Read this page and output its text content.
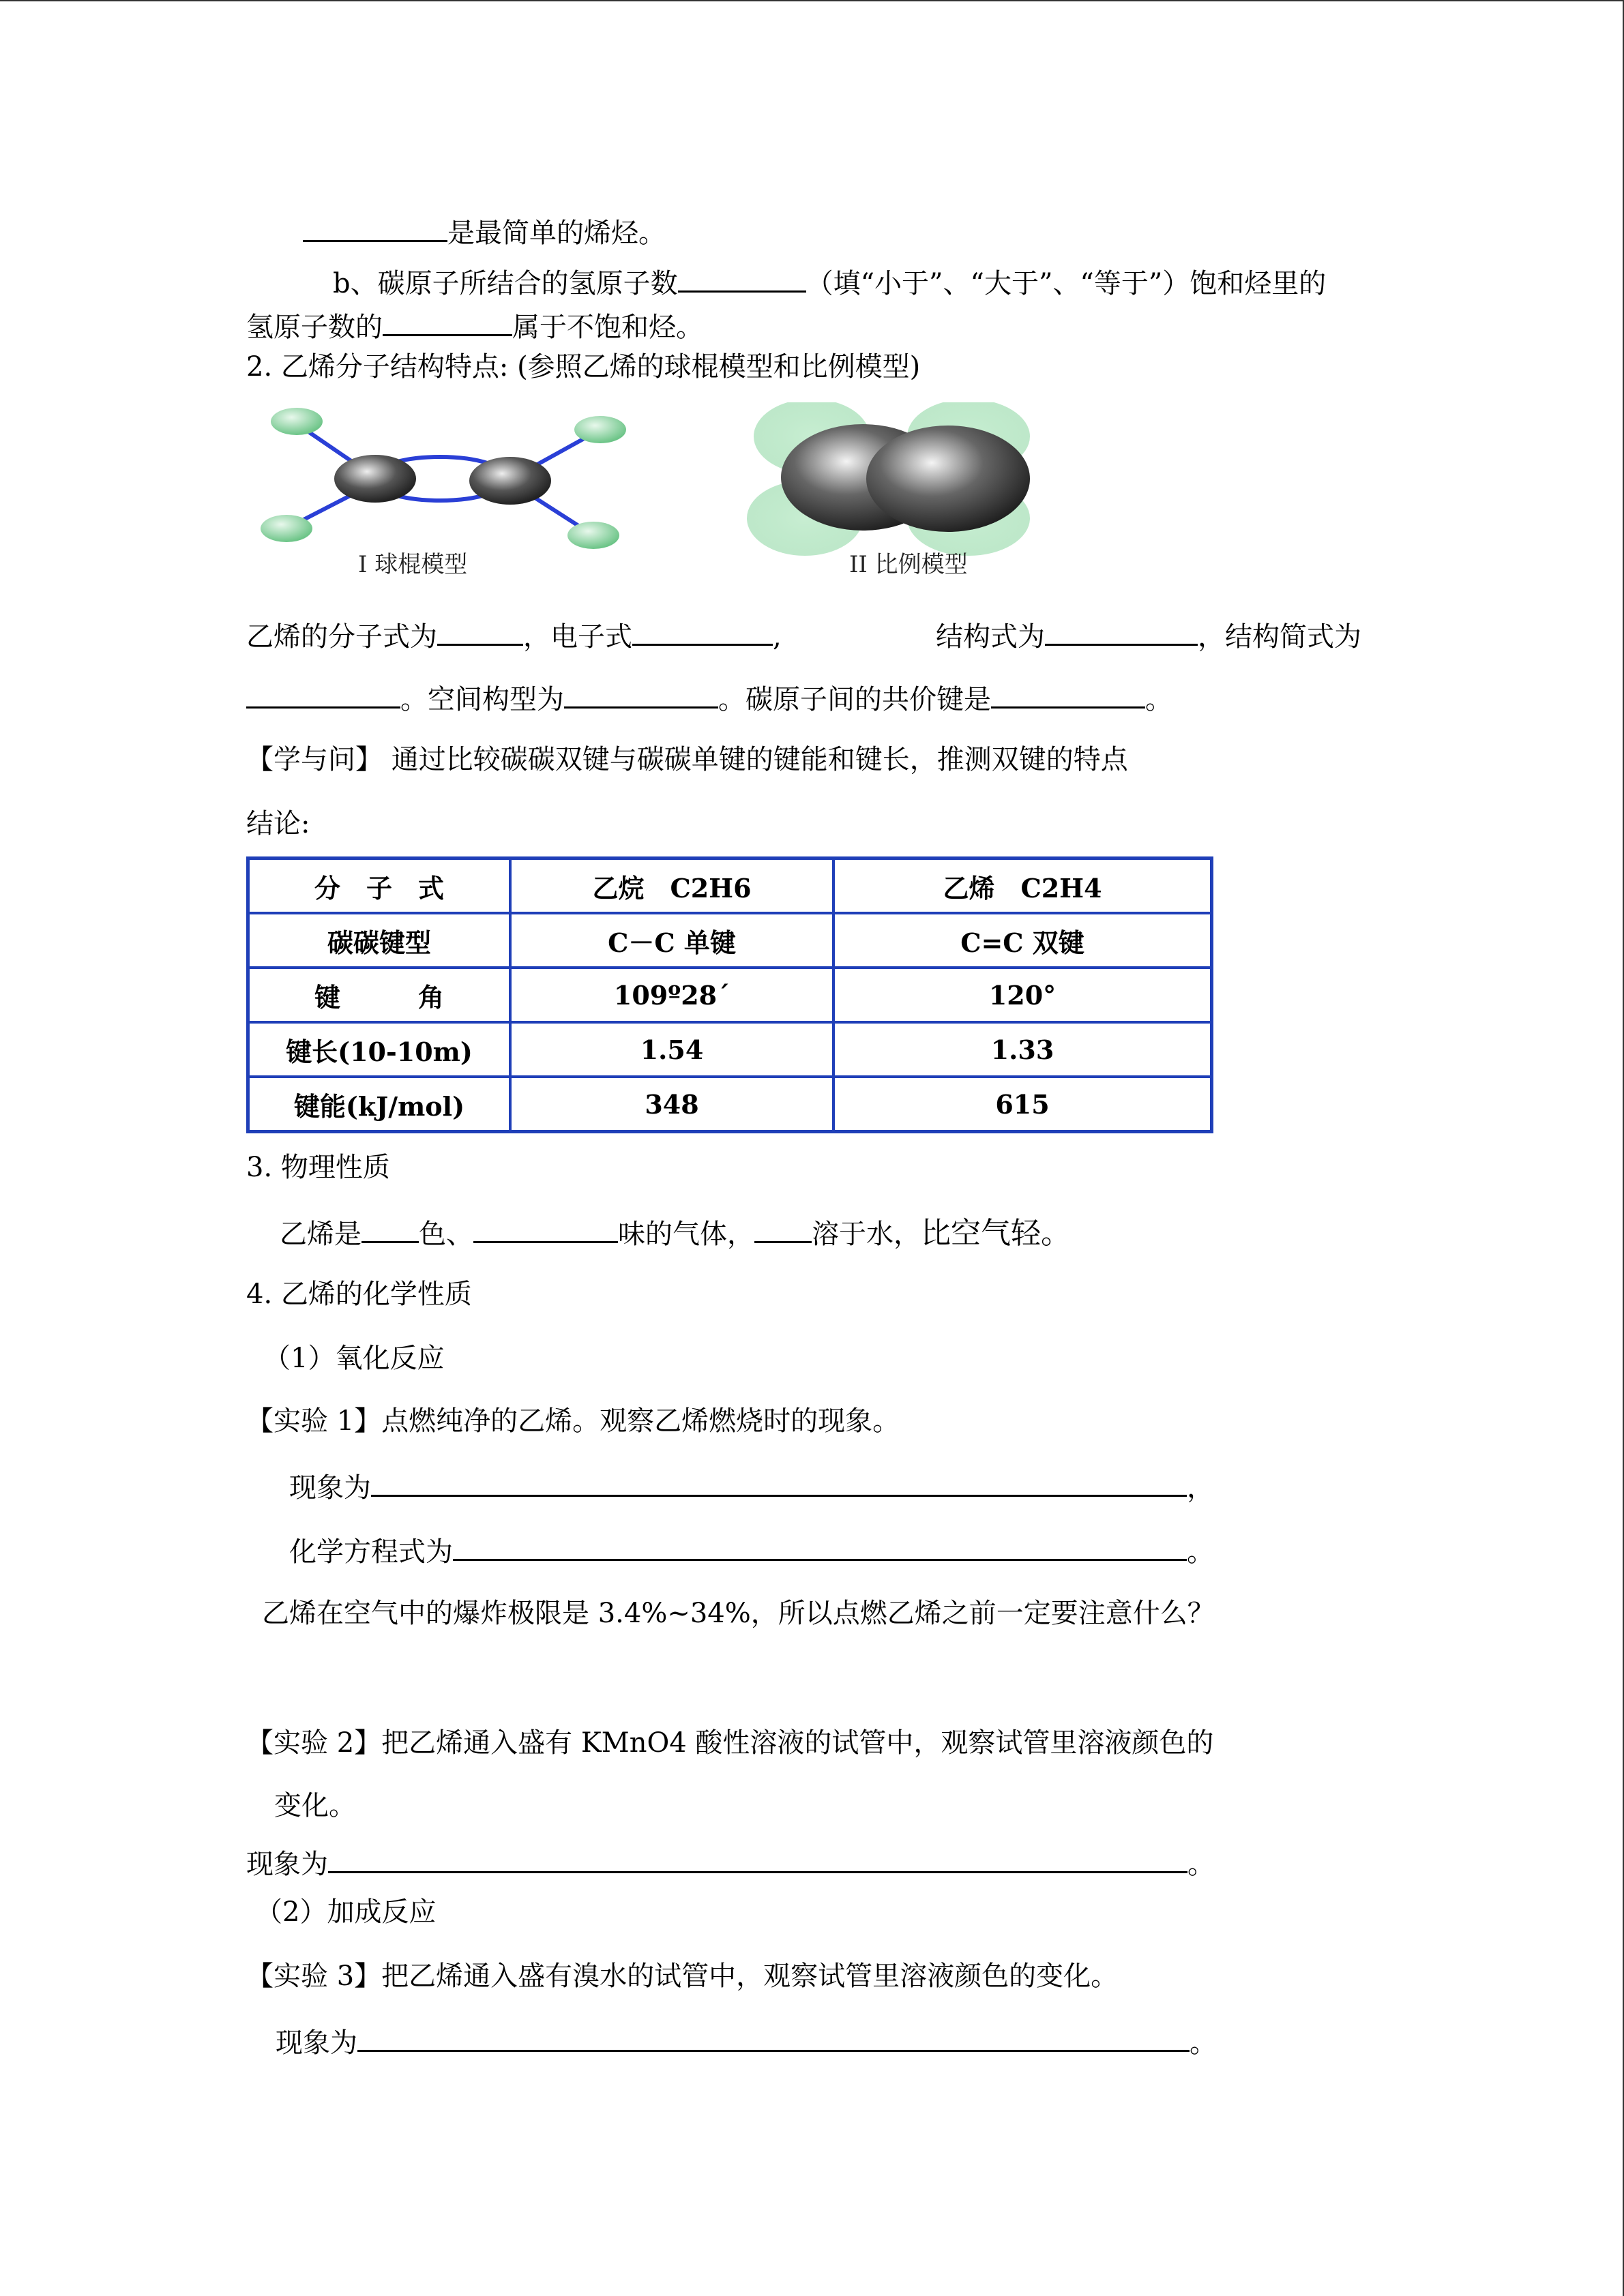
是最简单的烯烃。
b、碳原子所结合的氢原子数	（填“小于”、“大于”、“等于”）饱和烃里的
氢原子数的	属于不饱和烃。
2. 乙烯分子结构特点: (参照乙烯的球棍模型和比例模型)
I 球棍模型	II 比例模型
乙烯的分子式为	，电子式	,	结构式为	，结构简式为
。空间构型为	。碳原子间的共价键是	。
【学与问】 通过比较碳碳双键与碳碳单键的键能和键长，推测双键的特点
结论:
分　子　式	乙烷　C2H6	乙烯　C2H4
碳碳键型	C－C 单键	C=C 双键
键　　　角	109º28ˊ	120°
键长(10-10m)	1.54	1.33
键能(kJ/mol)	348	615
3. 物理性质
乙烯是 色、	味的气体， 溶于水，比空气轻。
4. 乙烯的化学性质
（1）氧化反应
【实验 1】点燃纯净的乙烯。观察乙烯燃烧时的现象。
现象为	，
化学方程式为	。
乙烯在空气中的爆炸极限是 3.4%~34%，所以点燃乙烯之前一定要注意什么？
【实验 2】把乙烯通入盛有 KMnO4 酸性溶液的试管中，观察试管里溶液颜色的
变化。
现象为	。
（2）加成反应
【实验 3】把乙烯通入盛有溴水的试管中，观察试管里溶液颜色的变化。
现象为	。
